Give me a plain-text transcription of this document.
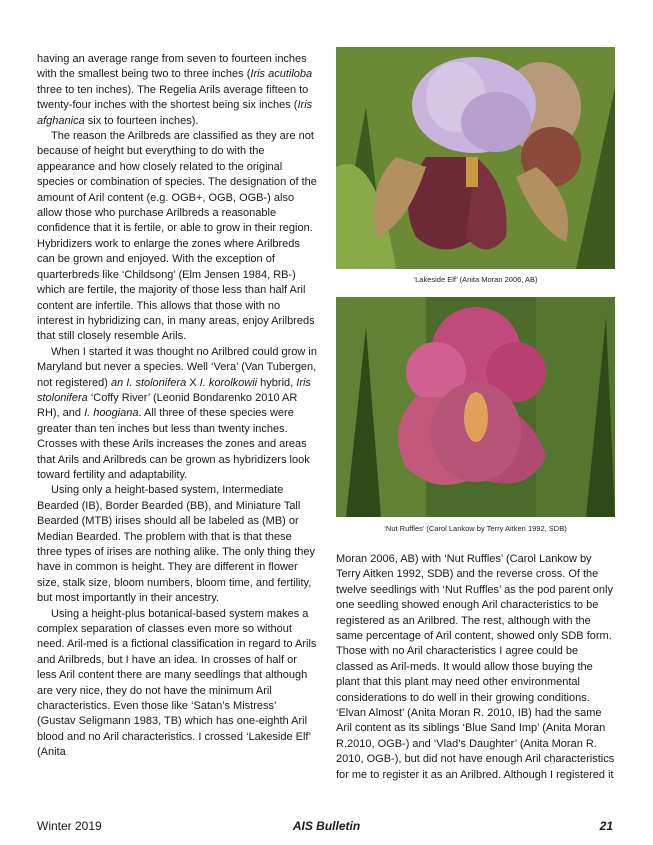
having an average range from seven to fourteen inches with the smallest being two to three inches (Iris acutiloba three to ten inches). The Regelia Arils average fifteen to twenty-four inches with the shortest being six inches (Iris afghanica six to fourteen inches).

The reason the Arilbreds are classified as they are not because of height but everything to do with the appearance and how closely related to the original species or combination of species. The designation of the amount of Aril content (e.g. OGB+, OGB, OGB-) also allow those who purchase Arilbreds a reasonable confidence that it is fertile, or able to grow in their region. Hybridizers work to enlarge the zones where Arilbreds can be grown and enjoyed. With the exception of quarterbreds like ‘Childsong’ (Elm Jensen 1984, RB-) which are fertile, the majority of those less than half Aril content are infertile. This allows that those with no interest in hybridizing can, in many areas, enjoy Arilbreds that still closely resemble Arils.

When I started it was thought no Arilbred could grow in Maryland but never a species. Well ‘Vera’ (Van Tubergen, not registered) an I. stolonifera X I. korolkowii hybrid, Iris stolonifera ‘Coffy River’ (Leonid Bondarenko 2010 AR RH), and I. hoogiana. All three of these species were greater than ten inches but less than twenty inches. Crosses with these Arils increases the zones and areas that Arils and Arilbreds can be grown as hybridizers look toward fertility and adaptability.

Using only a height-based system, Intermediate Bearded (IB), Border Bearded (BB), and Miniature Tall Bearded (MTB) irises should all be labeled as (MB) or Median Bearded. The problem with that is that these three types of irises are nothing alike. The only thing they have in common is height. They are different in flower size, stalk size, bloom numbers, bloom time, and fertility, but most importantly in their ancestry.

Using a height-plus botanical-based system makes a complex separation of classes even more so without need. Aril-med is a fictional classification in regard to Arils and Arilbreds, but I have an idea. In crosses of half or less Aril content there are many seedlings that although are very nice, they do not have the minimum Aril characteristics. Even those like ‘Satan’s Mistress’ (Gustav Seligmann 1983, TB) which has one-eighth Aril blood and no Aril characteristics. I crossed ‘Lakeside Elf’ (Anita

‘Lakeside Elf’ (Anita Moran 2006, AB)
‘Nut Ruffles’ (Carol Lankow by Terry Aitken 1992, SDB)

Moran 2006, AB) with ‘Nut Ruffles’ (Carol Lankow by Terry Aitken 1992, SDB) and the reverse cross. Of the twelve seedlings with ‘Nut Ruffles’ as the pod parent only one seedling showed enough Aril characteristics to be registered as an Arilbred. The rest, although with the same percentage of Aril content, showed only SDB form. Those with no Aril characteristics I agree could be classed as Aril-meds. It would allow those buying the plant that this plant may need other environmental considerations to do well in their growing conditions. ‘Elvan Almost’ (Anita Moran R. 2010, IB) had the same Aril content as its siblings ‘Blue Sand Imp’ (Anita Moran R.2010, OGB-) and ‘Vlad’s Daughter’ (Anita Moran R. 2010, OGB-), but did not have enough Aril characteristics for me to register it as an Arilbred. Although I registered it

Winter 2019	AIS Bulletin	21
